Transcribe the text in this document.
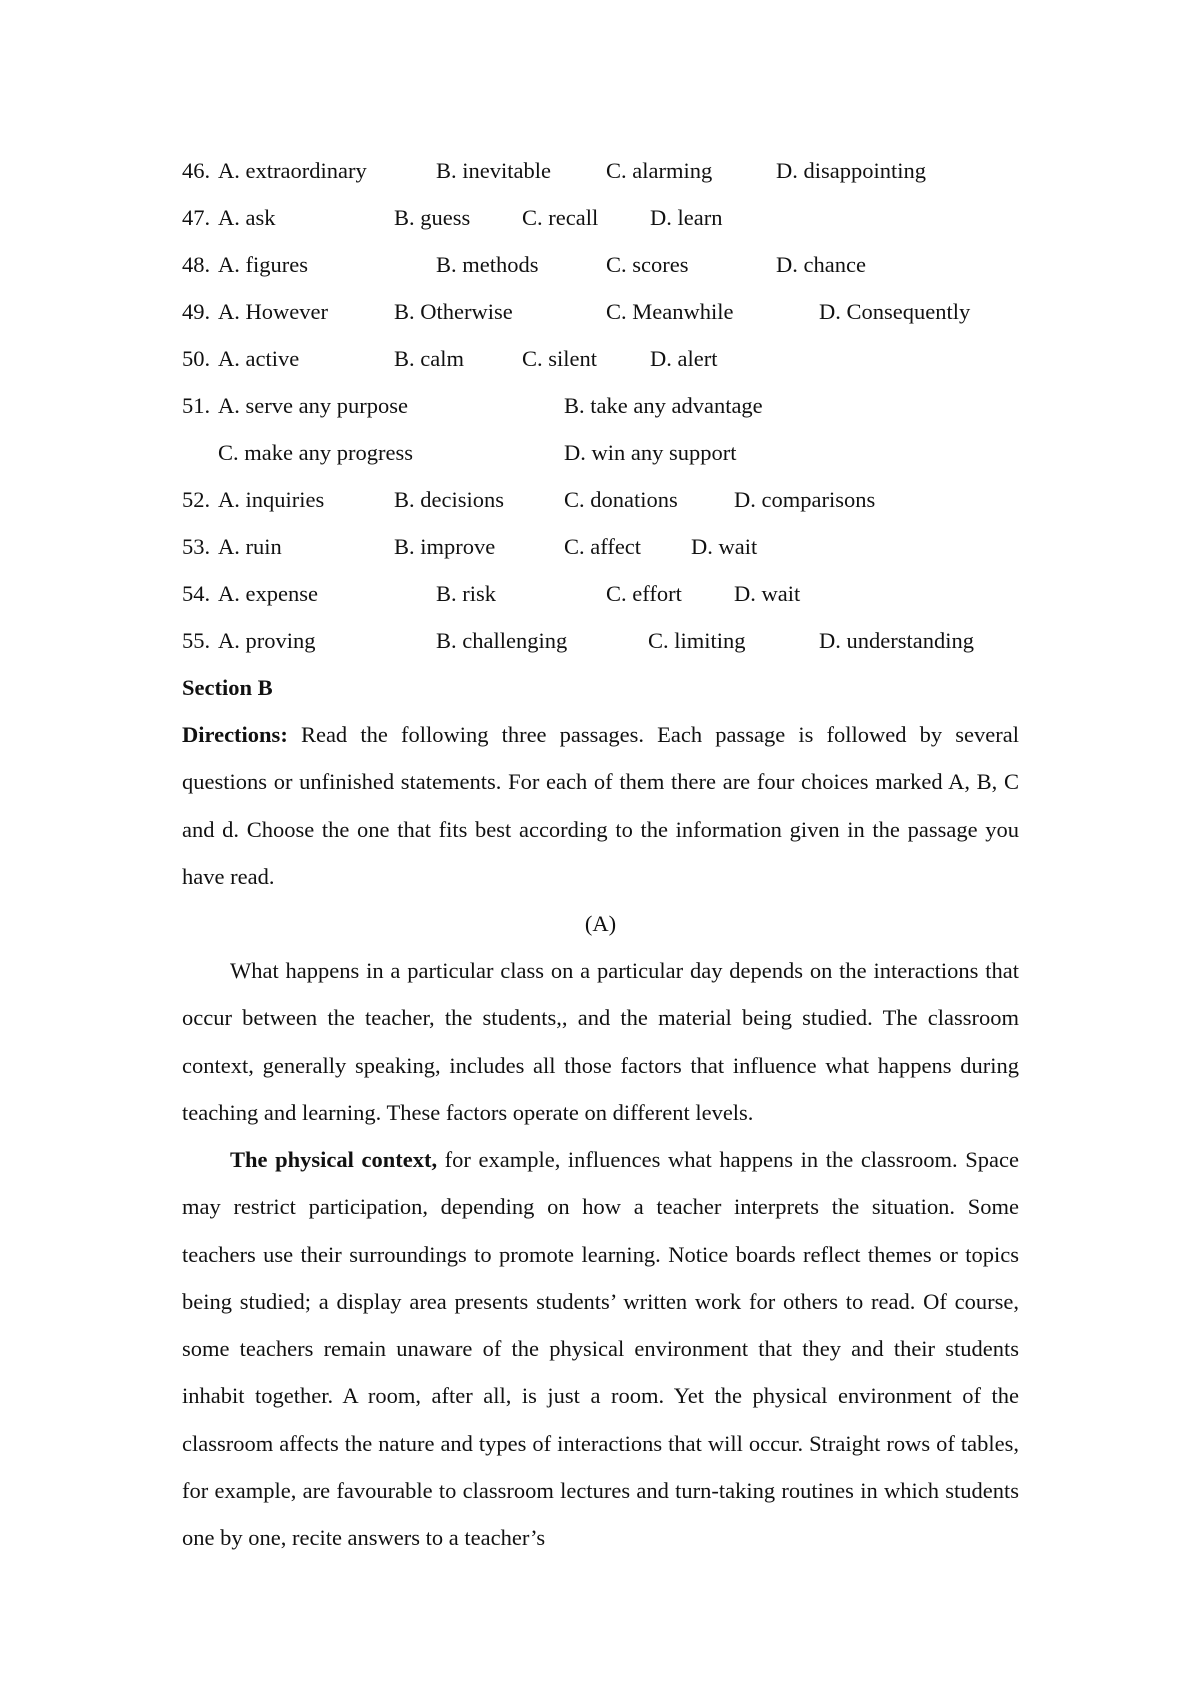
46. A. extraordinary	B. inevitable C. alarming	D. disappointing
47. A. ask	B. guess C. recall D. learn
48. A. figures	B. methods	C. scores	D. chance
49. A. However	B. Otherwise	C. Meanwhile	D. Consequently
50. A. active	B. calm	C. silent D. alert
51. A. serve any purpose	B. take any advantage
C. make any progress	D. win any support
52. A. inquiries	B. decisions	C. donations D. comparisons
53. A. ruin	B. improve	C. affect D. wait
54. A. expense	B. risk	C. effort D. wait
55. A. proving	B. challenging	C. limiting	D. understanding
Section B
Directions: Read the following three passages. Each passage is followed by several questions or unfinished statements. For each of them there are four choices marked A, B, C and d. Choose the one that fits best according to the information given in the passage you have read.
(A)
What happens in a particular class on a particular day depends on the interactions that occur between the teacher, the students,, and the material being studied. The classroom context, generally speaking, includes all those factors that influence what happens during teaching and learning. These factors operate on different levels.
The physical context, for example, influences what happens in the classroom. Space may restrict participation, depending on how a teacher interprets the situation. Some teachers use their surroundings to promote learning. Notice boards reflect themes or topics being studied; a display area presents students’ written work for others to read. Of course, some teachers remain unaware of the physical environment that they and their students inhabit together. A room, after all, is just a room. Yet the physical environment of the classroom affects the nature and types of interactions that will occur. Straight rows of tables, for example, are favourable to classroom lectures and turn-taking routines in which students one by one, recite answers to a teacher’s
